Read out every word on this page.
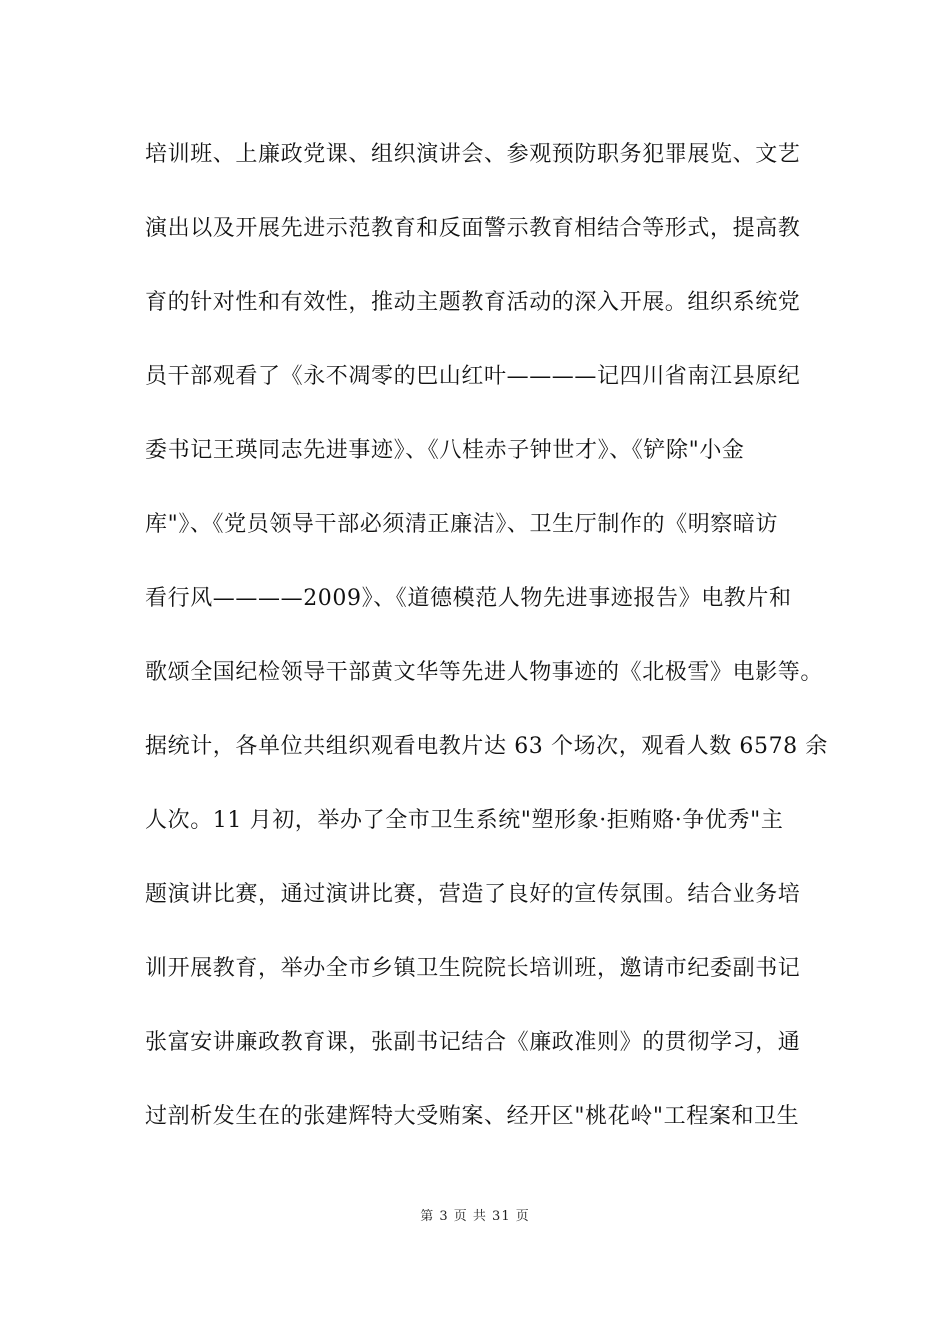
培训班、上廉政党课、组织演讲会、参观预防职务犯罪展览、文艺
演出以及开展先进示范教育和反面警示教育相结合等形式，提高教
育的针对性和有效性，推动主题教育活动的深入开展。组织系统党
员干部观看了《永不凋零的巴山红叶————记四川省南江县原纪
委书记王瑛同志先进事迹》、《八桂赤子钟世才》、《铲除"小金
库"》、《党员领导干部必须清正廉洁》、卫生厅制作的《明察暗访
看行风————2009》、《道德模范人物先进事迹报告》电教片和
歌颂全国纪检领导干部黄文华等先进人物事迹的《北极雪》电影等。
据统计，各单位共组织观看电教片达 63 个场次，观看人数 6578 余
人次。11 月初，举办了全市卫生系统"塑形象·拒贿赂·争优秀"主
题演讲比赛，通过演讲比赛，营造了良好的宣传氛围。结合业务培
训开展教育，举办全市乡镇卫生院院长培训班，邀请市纪委副书记
张富安讲廉政教育课，张副书记结合《廉政准则》的贯彻学习，通
过剖析发生在的张建辉特大受贿案、经开区"桃花岭"工程案和卫生
第 3 页 共 31 页
